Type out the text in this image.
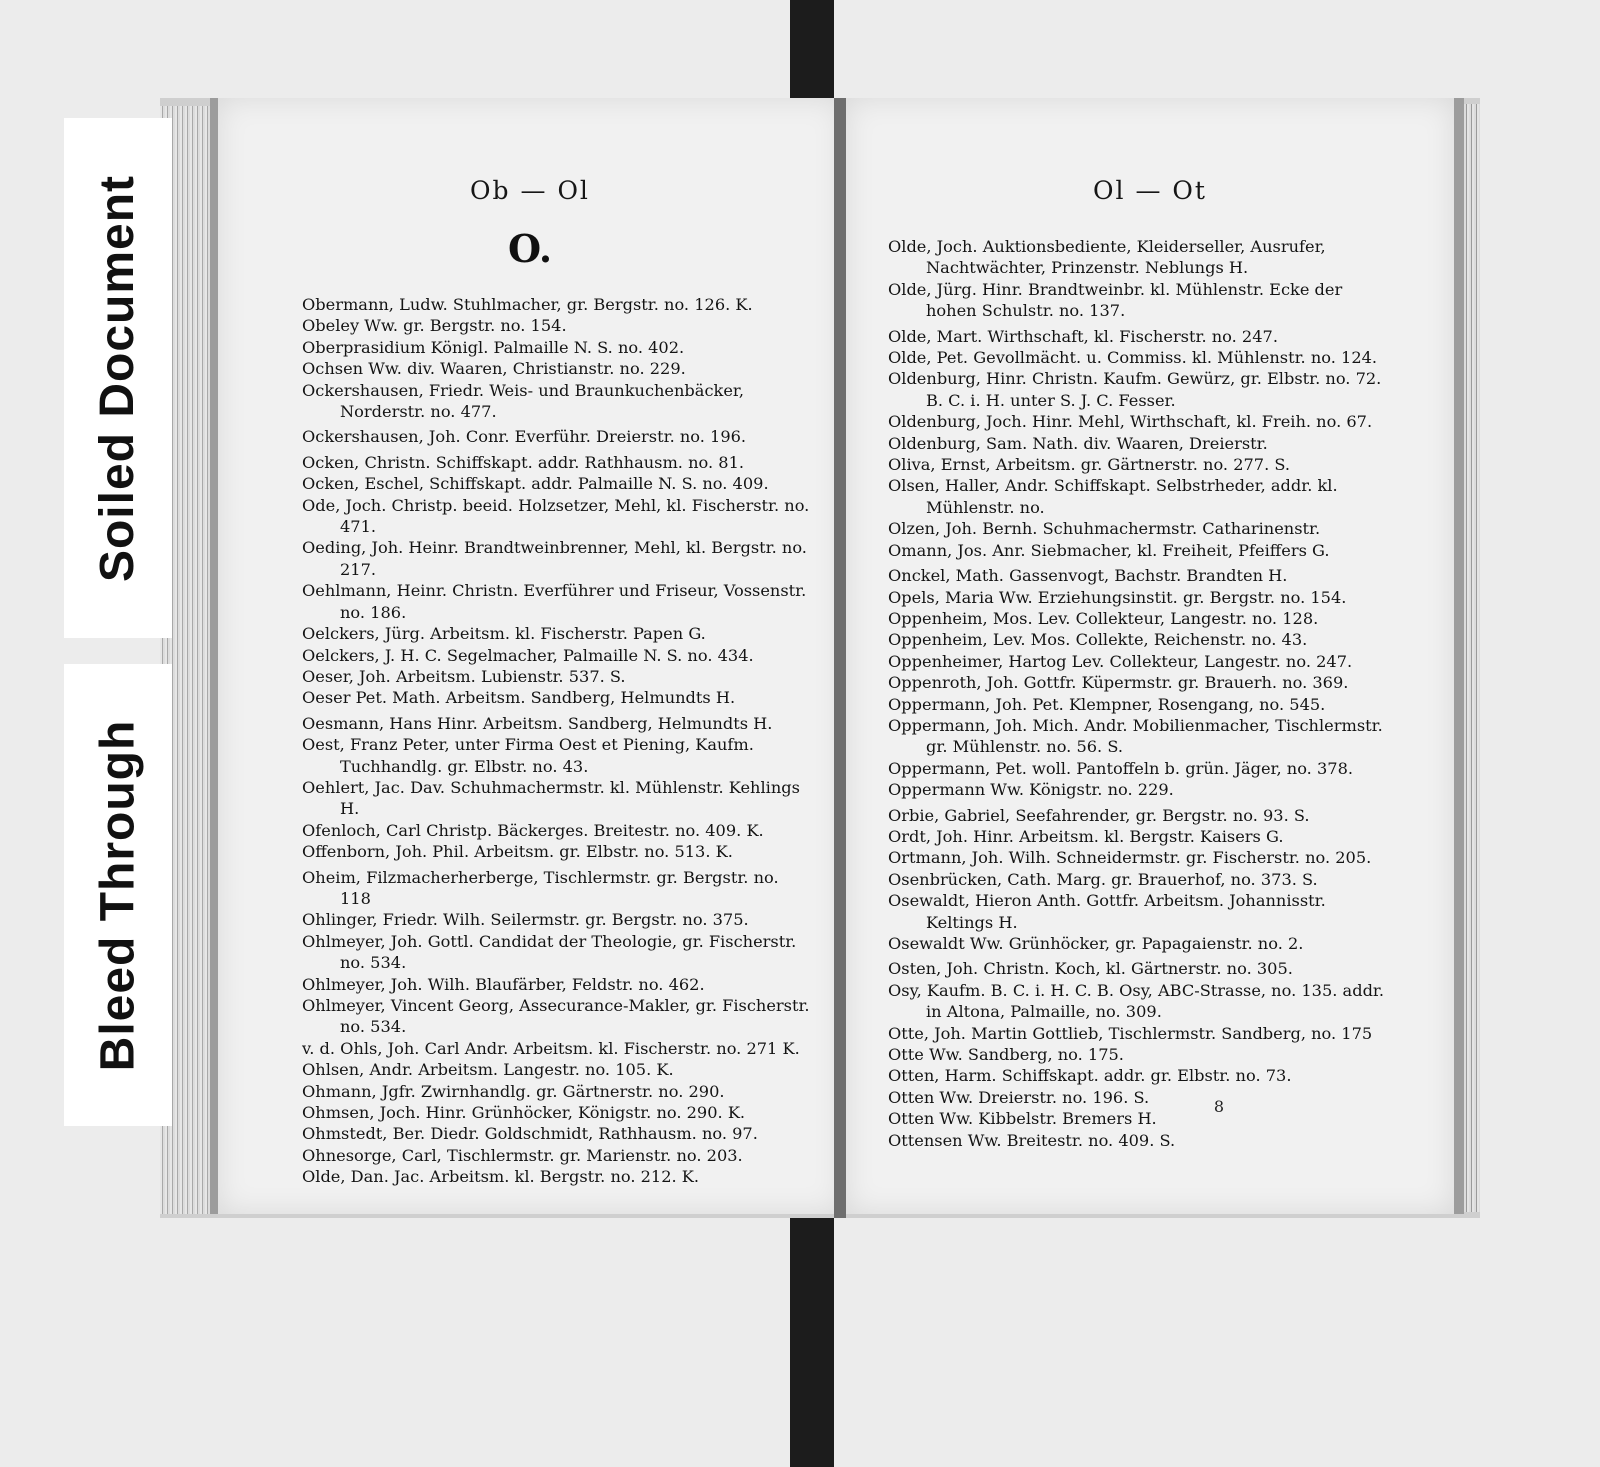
Ob — Ol
O.
Obermann, Ludw. Stuhlmacher, gr. Bergstr. no. 126. K.
Obeley Ww. gr. Bergstr. no. 154.
Oberprasidium Königl. Palmaille N. S. no. 402.
Ochsen Ww. div. Waaren, Christianstr. no. 229.
Ockershausen, Friedr. Weis- und Braunkuchenbäcker, Norderstr. no. 477.
Ockershausen, Joh. Conr. Everführ. Dreierstr. no. 196.
Ocken, Christn. Schiffskapt. addr. Rathhausm. no. 81.
Ocken, Eschel, Schiffskapt. addr. Palmaille N. S. no. 409.
Ode, Joch. Christp. beeid. Holzsetzer, Mehl, kl. Fischerstr. no. 471.
Oeding, Joh. Heinr. Brandtweinbrenner, Mehl, kl. Bergstr. no. 217.
Oehlmann, Heinr. Christn. Everführer und Friseur, Vossenstr. no. 186.
Oelckers, Jürg. Arbeitsm. kl. Fischerstr. Papen G.
Oelckers, J. H. C. Segelmacher, Palmaille N. S. no. 434.
Oeser, Joh. Arbeitsm. Lubienstr. 537. S.
Oeser Pet. Math. Arbeitsm. Sandberg, Helmundts H.
Oesmann, Hans Hinr. Arbeitsm. Sandberg, Helmundts H.
Oest, Franz Peter, unter Firma Oest et Piening, Kaufm. Tuchhandlg. gr. Elbstr. no. 43.
Oehlert, Jac. Dav. Schuhmachermstr. kl. Mühlenstr. Kehlings H.
Ofenloch, Carl Christp. Bäckerges. Breitestr. no. 409. K.
Offenborn, Joh. Phil. Arbeitsm. gr. Elbstr. no. 513. K.
Oheim, Filzmacherherberge, Tischlermstr. gr. Bergstr. no. 118
Ohlinger, Friedr. Wilh. Seilermstr. gr. Bergstr. no. 375.
Ohlmeyer, Joh. Gottl. Candidat der Theologie, gr. Fischerstr. no. 534.
Ohlmeyer, Joh. Wilh. Blaufärber, Feldstr. no. 462.
Ohlmeyer, Vincent Georg, Assecurance-Makler, gr. Fischerstr. no. 534.
v. d. Ohls, Joh. Carl Andr. Arbeitsm. kl. Fischerstr. no. 271 K.
Ohlsen, Andr. Arbeitsm. Langestr. no. 105. K.
Ohmann, Jgfr. Zwirnhandlg. gr. Gärtnerstr. no. 290.
Ohmsen, Joch. Hinr. Grünhöcker, Königstr. no. 290. K.
Ohmstedt, Ber. Diedr. Goldschmidt, Rathhausm. no. 97.
Ohnesorge, Carl, Tischlermstr. gr. Marienstr. no. 203.
Olde, Dan. Jac. Arbeitsm. kl. Bergstr. no. 212. K.
Ol — Ot
Olde, Joch. Auktionsbediente, Kleiderseller, Ausrufer, Nachtwächter, Prinzenstr. Neblungs H.
Olde, Jürg. Hinr. Brandtweinbr. kl. Mühlenstr. Ecke der hohen Schulstr. no. 137.
Olde, Mart. Wirthschaft, kl. Fischerstr. no. 247.
Olde, Pet. Gevollmächt. u. Commiss. kl. Mühlenstr. no. 124.
Oldenburg, Hinr. Christn. Kaufm. Gewürz, gr. Elbstr. no. 72. B. C. i. H. unter S. J. C. Fesser.
Oldenburg, Joch. Hinr. Mehl, Wirthschaft, kl. Freih. no. 67.
Oldenburg, Sam. Nath. div. Waaren, Dreierstr.
Oliva, Ernst, Arbeitsm. gr. Gärtnerstr. no. 277. S.
Olsen, Haller, Andr. Schiffskapt. Selbstrheder, addr. kl. Mühlenstr. no.
Olzen, Joh. Bernh. Schuhmachermstr. Catharinenstr.
Omann, Jos. Anr. Siebmacher, kl. Freiheit, Pfeiffers G.
Onckel, Math. Gassenvogt, Bachstr. Brandten H.
Opels, Maria Ww. Erziehungsinstit. gr. Bergstr. no. 154.
Oppenheim, Mos. Lev. Collekteur, Langestr. no. 128.
Oppenheim, Lev. Mos. Collekte, Reichenstr. no. 43.
Oppenheimer, Hartog Lev. Collekteur, Langestr. no. 247.
Oppenroth, Joh. Gottfr. Küpermstr. gr. Brauerh. no. 369.
Oppermann, Joh. Pet. Klempner, Rosengang, no. 545.
Oppermann, Joh. Mich. Andr. Mobilienmacher, Tischlermstr. gr. Mühlenstr. no. 56. S.
Oppermann, Pet. woll. Pantoffeln b. grün. Jäger, no. 378.
Oppermann Ww. Königstr. no. 229.
Orbie, Gabriel, Seefahrender, gr. Bergstr. no. 93. S.
Ordt, Joh. Hinr. Arbeitsm. kl. Bergstr. Kaisers G.
Ortmann, Joh. Wilh. Schneidermstr. gr. Fischerstr. no. 205.
Osenbrücken, Cath. Marg. gr. Brauerhof, no. 373. S.
Osewaldt, Hieron Anth. Gottfr. Arbeitsm. Johannisstr. Keltings H.
Osewaldt Ww. Grünhöcker, gr. Papagaienstr. no. 2.
Osten, Joh. Christn. Koch, kl. Gärtnerstr. no. 305.
Osy, Kaufm. B. C. i. H. C. B. Osy, ABC-Strasse, no. 135. addr. in Altona, Palmaille, no. 309.
Otte, Joh. Martin Gottlieb, Tischlermstr. Sandberg, no. 175
Otte Ww. Sandberg, no. 175.
Otten, Harm. Schiffskapt. addr. gr. Elbstr. no. 73.
Otten Ww. Dreierstr. no. 196. S.
Otten Ww. Kibbelstr. Bremers H.
Ottensen Ww. Breitestr. no. 409. S.
8
Soiled Document
Bleed Through
